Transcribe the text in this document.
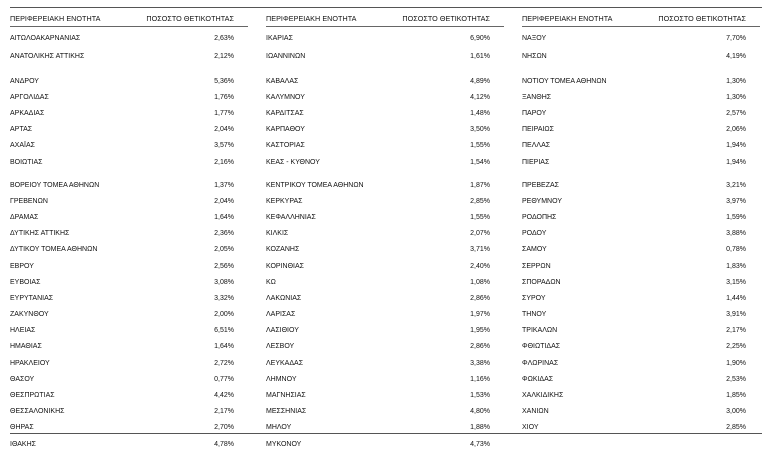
ΠΕΡΙΦΕΡΕΙΑΚΗ ΕΝΟΤΗΤΑ	ΠΟΣΟΣΤΟ ΘΕΤΙΚΟΤΗΤΑΣ
ΑΙΤΩΛΟΑΚΑΡΝΑΝΙΑΣ	2,63%
ΑΝΑΤΟΛΙΚΗΣ ΑΤΤΙΚΗΣ	2,12%
ΑΝΔΡΟΥ	5,36%
ΑΡΓΟΛΙΔΑΣ	1,76%
ΑΡΚΑΔΙΑΣ	1,77%
ΑΡΤΑΣ	2,04%
ΑΧΑΪΑΣ	3,57%
ΒΟΙΩΤΙΑΣ	2,16%
ΒΟΡΕΙΟΥ ΤΟΜΕΑ ΑΘΗΝΩΝ	1,37%
ΓΡΕΒΕΝΩΝ	2,04%
ΔΡΑΜΑΣ	1,64%
ΔΥΤΙΚΗΣ ΑΤΤΙΚΗΣ	2,36%
ΔΥΤΙΚΟΥ ΤΟΜΕΑ ΑΘΗΝΩΝ	2,05%
ΕΒΡΟΥ	2,56%
ΕΥΒΟΙΑΣ	3,08%
ΕΥΡΥΤΑΝΙΑΣ	3,32%
ΖΑΚΥΝΘΟΥ	2,00%
ΗΛΕΙΑΣ	6,51%
ΗΜΑΘΙΑΣ	1,64%
ΗΡΑΚΛΕΙΟΥ	2,72%
ΘΑΣΟΥ	0,77%
ΘΕΣΠΡΩΤΙΑΣ	4,42%
ΘΕΣΣΑΛΟΝΙΚΗΣ	2,17%
ΘΗΡΑΣ	2,70%
ΙΘΑΚΗΣ	4,78%
ΠΕΡΙΦΕΡΕΙΑΚΗ ΕΝΟΤΗΤΑ	ΠΟΣΟΣΤΟ ΘΕΤΙΚΟΤΗΤΑΣ
ΙΚΑΡΙΑΣ	6,90%
ΙΩΑΝΝΙΝΩΝ	1,61%
ΚΑΒΑΛΑΣ	4,89%
ΚΑΛΥΜΝΟΥ	4,12%
ΚΑΡΔΙΤΣΑΣ	1,48%
ΚΑΡΠΑΘΟΥ	3,50%
ΚΑΣΤΟΡΙΑΣ	1,55%
ΚΕΑΣ - ΚΥΘΝΟΥ	1,54%
ΚΕΝΤΡΙΚΟΥ ΤΟΜΕΑ ΑΘΗΝΩΝ	1,87%
ΚΕΡΚΥΡΑΣ	2,85%
ΚΕΦΑΛΛΗΝΙΑΣ	1,55%
ΚΙΛΚΙΣ	2,07%
ΚΟΖΑΝΗΣ	3,71%
ΚΟΡΙΝΘΙΑΣ	2,40%
ΚΩ	1,08%
ΛΑΚΩΝΙΑΣ	2,86%
ΛΑΡΙΣΑΣ	1,97%
ΛΑΣΙΘΙΟΥ	1,95%
ΛΕΣΒΟΥ	2,86%
ΛΕΥΚΑΔΑΣ	3,38%
ΛΗΜΝΟΥ	1,16%
ΜΑΓΝΗΣΙΑΣ	1,53%
ΜΕΣΣΗΝΙΑΣ	4,80%
ΜΗΛΟΥ	1,88%
ΜΥΚΟΝΟΥ	4,73%
ΠΕΡΙΦΕΡΕΙΑΚΗ ΕΝΟΤΗΤΑ	ΠΟΣΟΣΤΟ ΘΕΤΙΚΟΤΗΤΑΣ
ΝΑΞΟΥ	7,70%
ΝΗΣΩΝ	4,19%
ΝΟΤΙΟΥ ΤΟΜΕΑ ΑΘΗΝΩΝ	1,30%
ΞΑΝΘΗΣ	1,30%
ΠΑΡΟΥ	2,57%
ΠΕΙΡΑΙΩΣ	2,06%
ΠΕΛΛΑΣ	1,94%
ΠΙΕΡΙΑΣ	1,94%
ΠΡΕΒΕΖΑΣ	3,21%
ΡΕΘΥΜΝΟΥ	3,97%
ΡΟΔΟΠΗΣ	1,59%
ΡΟΔΟΥ	3,88%
ΣΑΜΟΥ	0,78%
ΣΕΡΡΩΝ	1,83%
ΣΠΟΡΑΔΩΝ	3,15%
ΣΥΡΟΥ	1,44%
ΤΗΝΟΥ	3,91%
ΤΡΙΚΑΛΩΝ	2,17%
ΦΘΙΩΤΙΔΑΣ	2,25%
ΦΛΩΡΙΝΑΣ	1,90%
ΦΩΚΙΔΑΣ	2,53%
ΧΑΛΚΙΔΙΚΗΣ	1,85%
ΧΑΝΙΩΝ	3,00%
ΧΙΟΥ	2,85%
